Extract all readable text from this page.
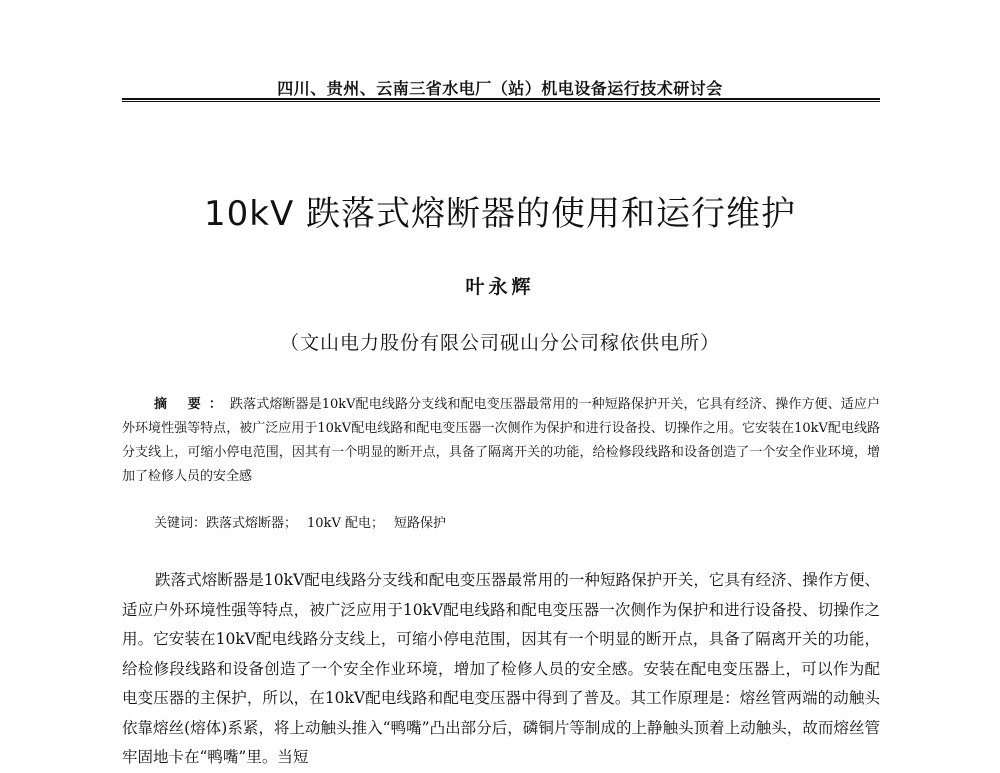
四川、贵州、云南三省水电厂（站）机电设备运行技术研讨会
10kV 跌落式熔断器的使用和运行维护
叶永辉
（文山电力股份有限公司砚山分公司稼依供电所）

摘 要：跌落式熔断器是10kV配电线路分支线和配电变压器最常用的一种短路保护开关，它具有经济、操作方便、适应户外环境性强等特点，被广泛应用于10kV配电线路和配电变压器一次侧作为保护和进行设备投、切操作之用。它安装在10kV配电线路分支线上，可缩小停电范围，因其有一个明显的断开点，具备了隔离开关的功能，给检修段线路和设备创造了一个安全作业环境，增加了检修人员的安全感

关键词：跌落式熔断器； 10kV 配电； 短路保护

跌落式熔断器是10kV配电线路分支线和配电变压器最常用的一种短路保护开关，它具有经济、操作方便、适应户外环境性强等特点，被广泛应用于10kV配电线路和配电变压器一次侧作为保护和进行设备投、切操作之用。它安装在10kV配电线路分支线上，可缩小停电范围，因其有一个明显的断开点，具备了隔离开关的功能，给检修段线路和设备创造了一个安全作业环境，增加了检修人员的安全感。安装在配电变压器上，可以作为配电变压器的主保护，所以，在10kV配电线路和配电变压器中得到了普及。其工作原理是：熔丝管两端的动触头依靠熔丝(熔体)系紧，将上动触头推入“鸭嘴”凸出部分后，磷铜片等制成的上静触头顶着上动触头，故而熔丝管牢固地卡在“鸭嘴”里。当短
